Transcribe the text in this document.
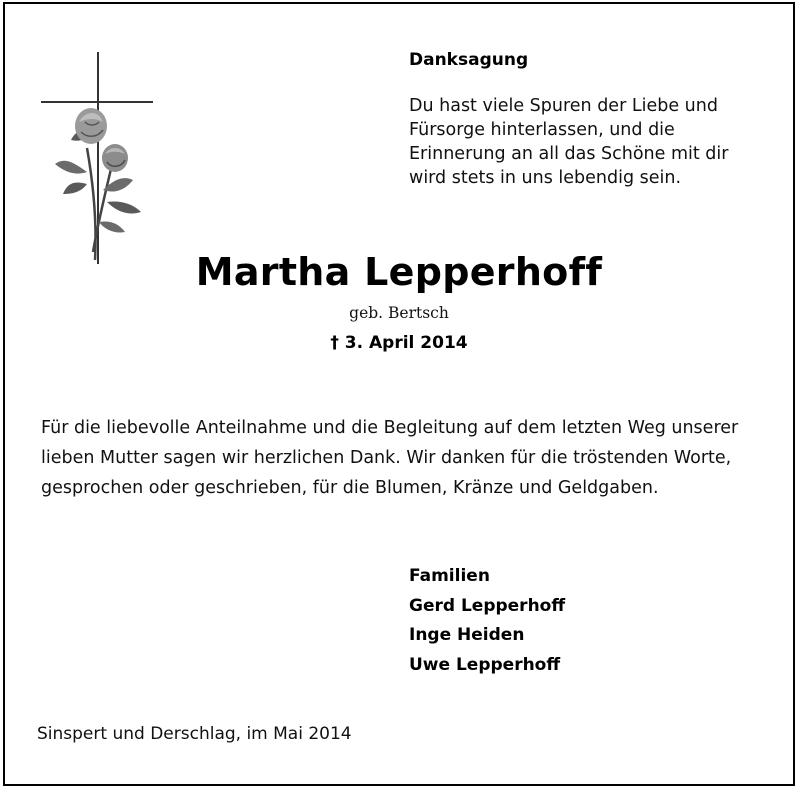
Danksagung
Du hast viele Spuren der Liebe und
Fürsorge hinterlassen, und die
Erinnerung an all das Schöne mit dir
wird stets in uns lebendig sein.
Martha Lepperhoff
geb. Bertsch
† 3. April 2014
Für die liebevolle Anteilnahme und die Begleitung auf dem letzten Weg unserer
lieben Mutter sagen wir herzlichen Dank. Wir danken für die tröstenden Worte,
gesprochen oder geschrieben, für die Blumen, Kränze und Geldgaben.
Familien
Gerd Lepperhoff
Inge Heiden
Uwe Lepperhoff
Sinspert und Derschlag, im Mai 2014
